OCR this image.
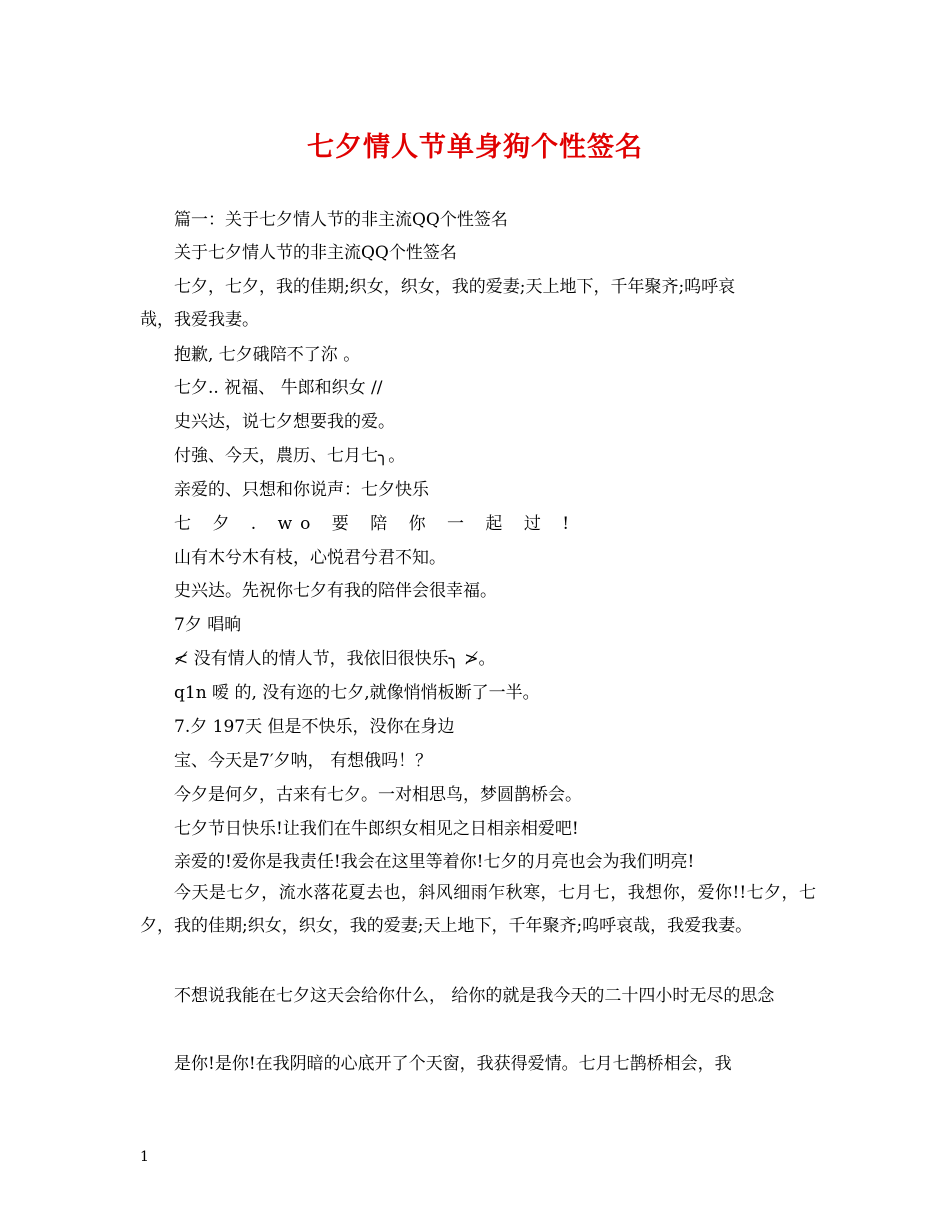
七夕情人节单身狗个性签名
篇一：关于七夕情人节的非主流QQ个性签名
关于七夕情人节的非主流QQ个性签名
七夕，七夕，我的佳期;织女，织女，我的爱妻;天上地下，千年聚齐;呜呼哀
哉，我爱我妻。
抱歉, 七夕硪陪不了沵 。
七夕.. 祝福、 牛郎和织女 //
史兴达，说七夕想要我的爱。
付強、今天，農历、七月七╮。
亲爱的、只想和你说声：七夕快乐
七 夕 . wo 要 陪 你 一 起 过 !
山有木兮木有枝，心悦君兮君不知。
史兴达。先祝你七夕有我的陪伴会很幸福。
7夕 唱晌
≮ 没有情人的情人节，我依旧很快乐╮ ≯。
q1n 嗳 的, 没有迩的七夕,就像悄悄板断了一半。
7.夕 197天 但是不快乐，没你在身边
宝、今天是7′夕呐， 有想俄吗！？
今夕是何夕，古来有七夕。一对相思鸟，梦圆鹊桥会。
七夕节日快乐!让我们在牛郎织女相见之日相亲相爱吧!
亲爱的!爱你是我责任!我会在这里等着你!七夕的月亮也会为我们明亮!
今天是七夕，流水落花夏去也，斜风细雨乍秋寒，七月七，我想你，爱你!!七夕，七夕，我的佳期;织女，织女，我的爱妻;天上地下，千年聚齐;呜呼哀哉，我爱我妻。
不想说我能在七夕这天会给你什么， 给你的就是我今天的二十四小时无尽的思念
是你!是你!在我阴暗的心底开了个天窗，我获得爱情。七月七鹊桥相会，我
1
